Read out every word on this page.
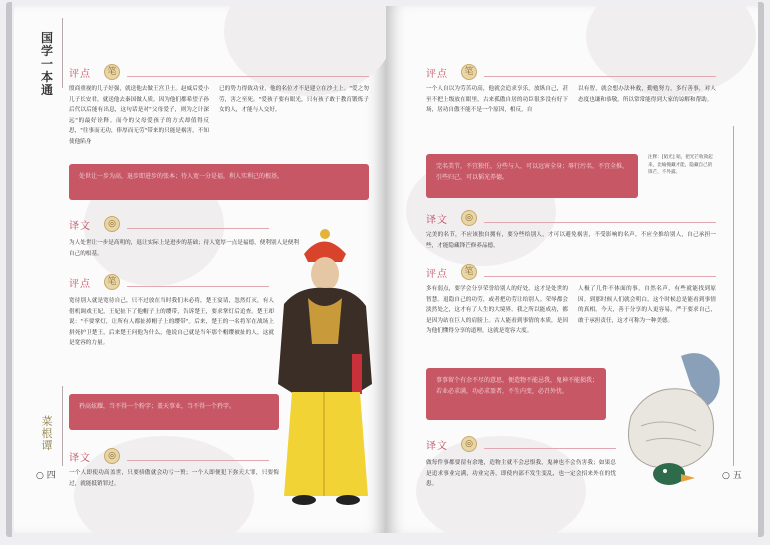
国学一本通
菜根谭
○ 四
评点	笔
殷商重视的儿子好强，就送他去做王宫卫士。赵威后爱小儿子长安君，就送他去秦国做人质。因为他们都希望子孙后代以后能有出息，这句话是对"父母爱子，则为之计深远"的最好诠释。而今的父母爱孩子的方式却值得反思，"往事而无功，俸厚而无劳"带来的只能是祸害，不知使他陷身
已的势力得致功业，他的名位才不是建立在沙土上。"爱之勿劳，害之至死。"爱孩子要有眼光，只有孩子敢于教育锻炼子女的人，才能与人交好。
处世让一步为高，退步即进步的张本；待人宽一分是福，利人实利己的根基。
译文	◎
为人处世让一步是高明的，退让实际上是进步的基础；待人宽厚一点是福德，便利别人是便利自己的根基。
评点	笔
宽待别人就是宽待自己，只不过放在当时我们未必将，楚王宴请，忽然灯灭，有人借机调戏王妃，王妃扯下了他帽子上的缨带，告诉楚王，要求掌灯后追查。楚王却说："不要掌灯，让所有人都扯掉帽子上的缨带"。后来，楚王的一名将军在战场上拼死护卫楚王，后来楚王问他为什么，他说自己就是当年那个帽缨被扯的人，这就是宽容的力量。
矜高炫耀，当不得一个粉字；盖天事业，当不得一个矜字。
译文	◎
一个人即使功高盖世，只要骄傲就会功亏一篑；一个人即便犯下弥天大罪，只要悔过，就能抵销罪过。
○ 五
评点	笔
一个人自以为劳苦功高，他就会追求享乐，放纵自己，甚至不把上级放在眼里，古来孤傲自居的功臣很多没有好下场，居功自傲不能不是一个原因，相反，自
以有智，就会想办法补救，勤勉努力，多行善事，对人态度也谦和恭敬，所以常常能得到大家的谅解和帮助。
完名美节，不宜独任，分些与人，可以远害全身；辱行污名，不宜全推，引些归己，可以韬光养德。
注释：[韬光] 韬，把光芒收敛起来，比喻掩藏才能，隐藏自己的锋芒，不外露。
译文	◎
完美的名节，不应该独自拥有，要分些给别人，才可以避免祸害，不受影响的名声，不应全推给别人，自己承担一些，才能隐藏锋芒修养品德。
评点	笔
多有弱点，要学会分享荣誉给别人的好处。这才是处世的智慧。退隐自己的功劳，或者把功劳让给别人。荣辱都会淡然处之，这才有了人生的大境界。我之所以能成功，都是因为站在巨人的肩膀上。古人能看到事情的本质，是因为他们懂得分享的道理，这就是宽容大度。
人极了几件不体面的事，自然名声，有些就能找到原因。到那时候人们就会明白，这个时候总是能看到事情的真相。今天，善于分享的人更容易，严于要求自己，敢于承担责任，这才可称为一种美德。
事事留个有余不尽的意思，便造物不能忌我，鬼神不能损我；若业必求满，功必求盈者，不生内变，必召外忧。
译文	◎
做每件事都要留有余地，造物主就不会忌恨我，鬼神也不会伤害我；如果总是追求事业完满，功业完善，即使内部不发生变乱，也一定会招来外在的忧患。
